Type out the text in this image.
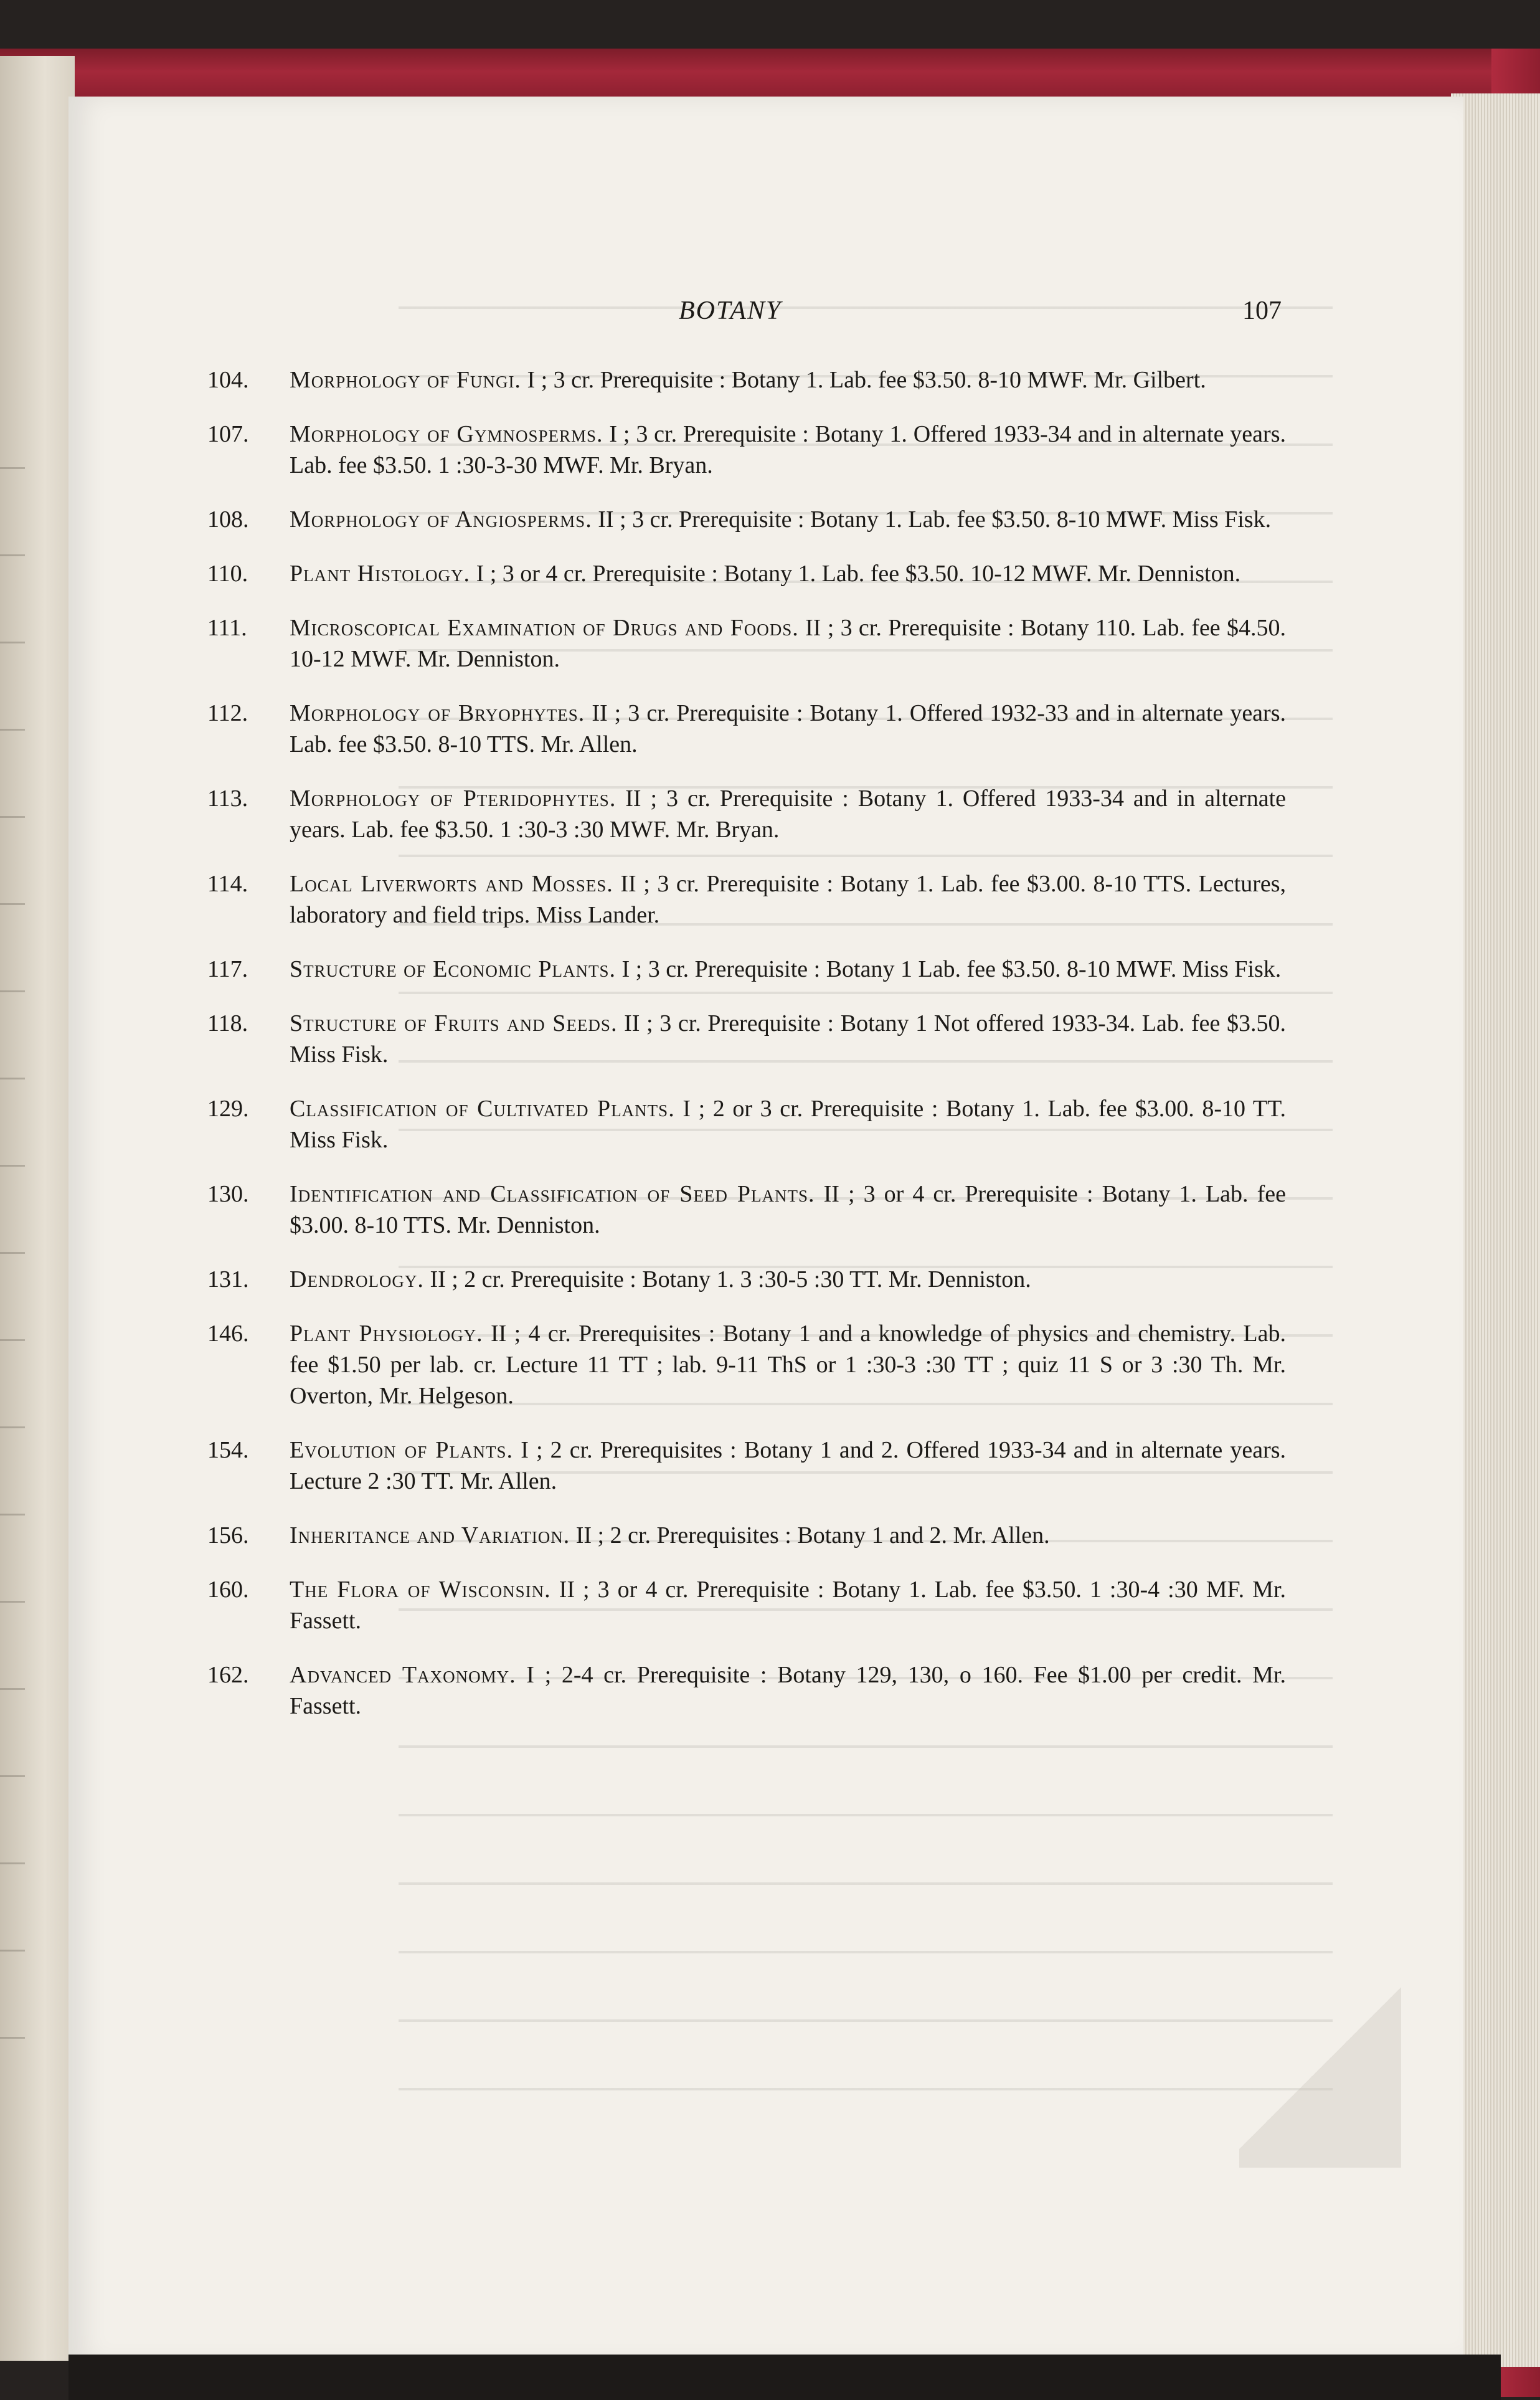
BOTANY	107
104. Morphology of Fungi. I ; 3 cr. Prerequisite : Botany 1. Lab. fee $3.50. 8-10 MWF. Mr. Gilbert.
107. Morphology of Gymnosperms. I ; 3 cr. Prerequisite : Botany 1. Offered 1933-34 and in alternate years. Lab. fee $3.50. 1 :30-3-30 MWF. Mr. Bryan.
108. Morphology of Angiosperms. II ; 3 cr. Prerequisite : Botany 1. Lab. fee $3.50. 8-10 MWF. Miss Fisk.
110. Plant Histology. I ; 3 or 4 cr. Prerequisite : Botany 1. Lab. fee $3.50. 10-12 MWF. Mr. Denniston.
111. Microscopical Examination of Drugs and Foods. II ; 3 cr. Prerequisite : Botany 110. Lab. fee $4.50. 10-12 MWF. Mr. Denniston.
112. Morphology of Bryophytes. II ; 3 cr. Prerequisite : Botany 1. Offered 1932-33 and in alternate years. Lab. fee $3.50. 8-10 TTS. Mr. Allen.
113. Morphology of Pteridophytes. II ; 3 cr. Prerequisite : Botany 1. Offered 1933-34 and in alternate years. Lab. fee $3.50. 1 :30-3 :30 MWF. Mr. Bryan.
114. Local Liverworts and Mosses. II ; 3 cr. Prerequisite : Botany 1. Lab. fee $3.00. 8-10 TTS. Lectures, laboratory and field trips. Miss Lander.
117. Structure of Economic Plants. I ; 3 cr. Prerequisite : Botany 1 Lab. fee $3.50. 8-10 MWF. Miss Fisk.
118. Structure of Fruits and Seeds. II ; 3 cr. Prerequisite : Botany 1 Not offered 1933-34. Lab. fee $3.50. Miss Fisk.
129. Classification of Cultivated Plants. I ; 2 or 3 cr. Prerequisite : Botany 1. Lab. fee $3.00. 8-10 TT. Miss Fisk.
130. Identification and Classification of Seed Plants. II ; 3 or 4 cr. Prerequisite : Botany 1. Lab. fee $3.00. 8-10 TTS. Mr. Denniston.
131. Dendrology. II ; 2 cr. Prerequisite : Botany 1. 3 :30-5 :30 TT. Mr. Denniston.
146. Plant Physiology. II ; 4 cr. Prerequisites : Botany 1 and a knowledge of physics and chemistry. Lab. fee $1.50 per lab. cr. Lecture 11 TT ; lab. 9-11 ThS or 1 :30-3 :30 TT ; quiz 11 S or 3 :30 Th. Mr. Overton, Mr. Helgeson.
154. Evolution of Plants. I ; 2 cr. Prerequisites : Botany 1 and 2. Offered 1933-34 and in alternate years. Lecture 2 :30 TT. Mr. Allen.
156. Inheritance and Variation. II ; 2 cr. Prerequisites : Botany 1 and 2. Mr. Allen.
160. The Flora of Wisconsin. II ; 3 or 4 cr. Prerequisite : Botany 1. Lab. fee $3.50. 1 :30-4 :30 MF. Mr. Fassett.
162. Advanced Taxonomy. I ; 2-4 cr. Prerequisite : Botany 129, 130, o 160. Fee $1.00 per credit. Mr. Fassett.
